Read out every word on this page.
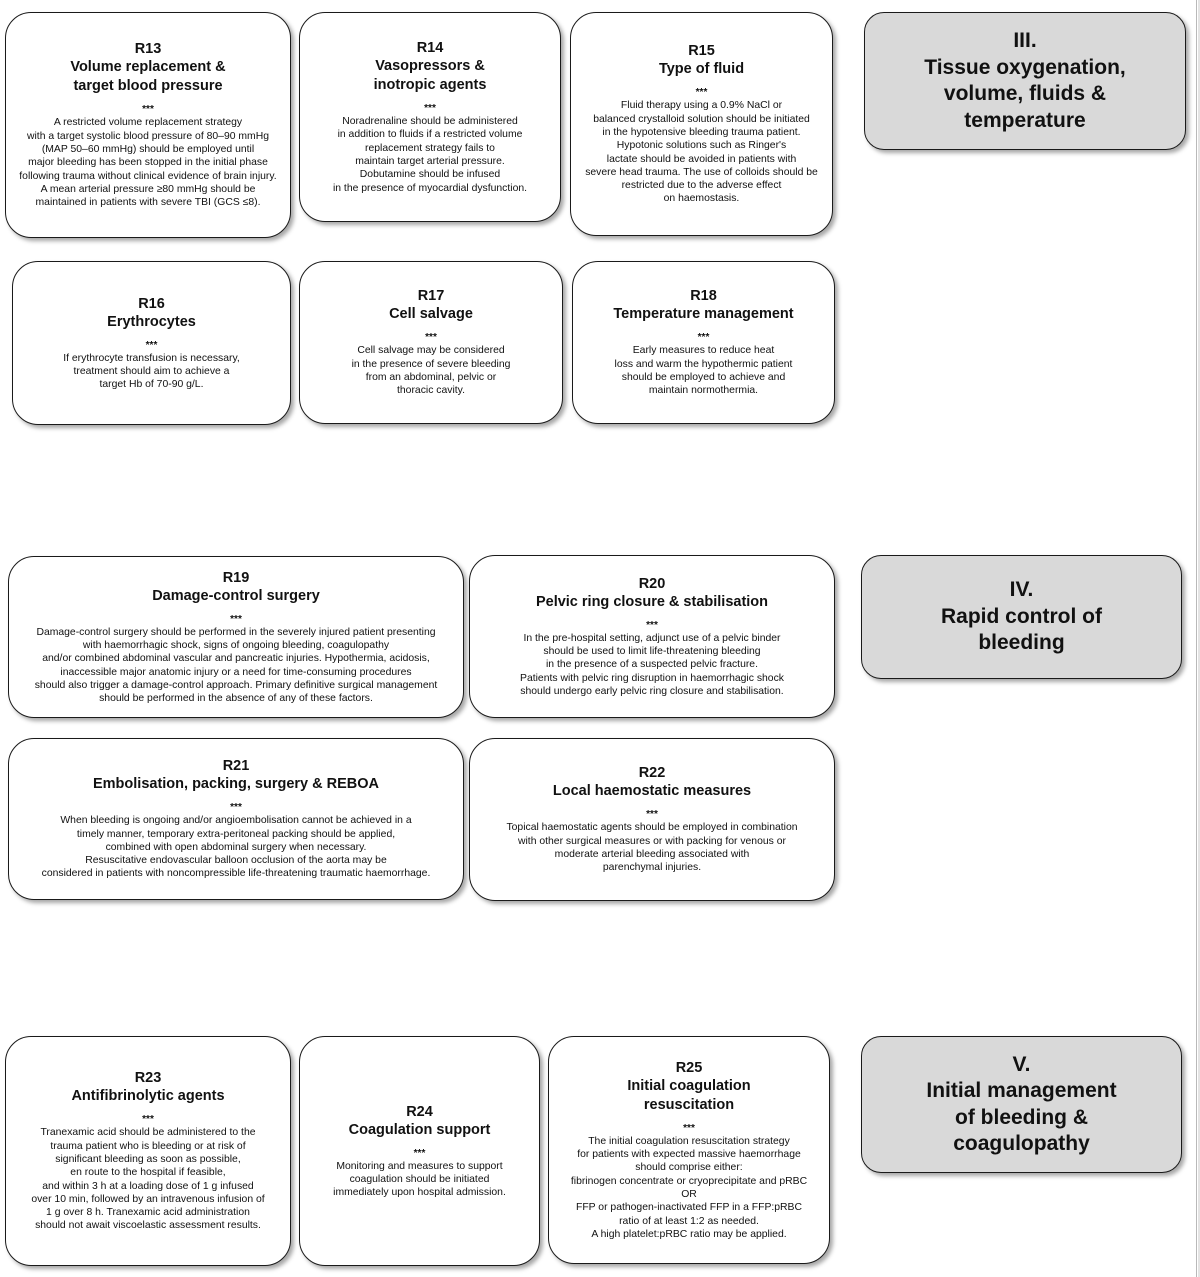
R13
Volume replacement &
target blood pressure
***
A restricted volume replacement strategy
with a target systolic blood pressure of 80–90 mmHg
(MAP 50–60 mmHg) should be employed until
major bleeding has been stopped in the initial phase
following trauma without clinical evidence of brain injury.
A mean arterial pressure ≥80 mmHg should be
maintained in patients with severe TBI (GCS ≤8).
R14
Vasopressors &
inotropic agents
***
Noradrenaline should be administered
in addition to fluids if a restricted volume
replacement strategy fails to
maintain target arterial pressure.
Dobutamine should be infused
in the presence of myocardial dysfunction.
R15
Type of fluid
***
Fluid therapy using a 0.9% NaCl or
balanced crystalloid solution should be initiated
in the hypotensive bleeding trauma patient.
Hypotonic solutions such as Ringer's
lactate should be avoided in patients with
severe head trauma. The use of colloids should be
restricted due to the adverse effect
on haemostasis.
III.
Tissue oxygenation,
volume, fluids &
temperature
R16
Erythrocytes
***
If erythrocyte transfusion is necessary,
treatment should aim to achieve a
target Hb of 70-90 g/L.
R17
Cell salvage
***
Cell salvage may be considered
in the presence of severe bleeding
from an abdominal, pelvic or
thoracic cavity.
R18
Temperature management
***
Early measures to reduce heat
loss and warm the hypothermic patient
should be employed to achieve and
maintain normothermia.
R19
Damage-control surgery
***
Damage-control surgery should be performed in the severely injured patient presenting
with haemorrhagic shock, signs of ongoing bleeding, coagulopathy
and/or combined abdominal vascular and pancreatic injuries. Hypothermia, acidosis,
inaccessible major anatomic injury or a need for time-consuming procedures
should also trigger a damage-control approach. Primary definitive surgical management
should be performed in the absence of any of these factors.
R20
Pelvic ring closure & stabilisation
***
In the pre-hospital setting, adjunct use of a pelvic binder
should be used to limit life-threatening bleeding
in the presence of a suspected pelvic fracture.
Patients with pelvic ring disruption in haemorrhagic shock
should undergo early pelvic ring closure and stabilisation.
IV.
Rapid control of
bleeding
R21
Embolisation, packing, surgery & REBOA
***
When bleeding is ongoing and/or angioembolisation cannot be achieved in a
timely manner, temporary extra-peritoneal packing should be applied,
combined with open abdominal surgery when necessary.
Resuscitative endovascular balloon occlusion of the aorta may be
considered in patients with noncompressible life-threatening traumatic haemorrhage.
R22
Local haemostatic measures
***
Topical haemostatic agents should be employed in combination
with other surgical measures or with packing for venous or
moderate arterial bleeding associated with
parenchymal injuries.
R23
Antifibrinolytic agents
***
Tranexamic acid should be administered to the
trauma patient who is bleeding or at risk of
significant bleeding as soon as possible,
en route to the hospital if feasible,
and within 3 h at a loading dose of 1 g infused
over 10 min, followed by an intravenous infusion of
1 g over 8 h. Tranexamic acid administration
should not await viscoelastic assessment results.
R24
Coagulation support
***
Monitoring and measures to support
coagulation should be initiated
immediately upon hospital admission.
R25
Initial coagulation
resuscitation
***
The initial coagulation resuscitation strategy
for patients with expected massive haemorrhage
should comprise either:
fibrinogen concentrate or cryoprecipitate and pRBC
OR
FFP or pathogen-inactivated FFP in a FFP:pRBC
ratio of at least 1:2 as needed.
A high platelet:pRBC ratio may be applied.
V.
Initial management
of bleeding &
coagulopathy
